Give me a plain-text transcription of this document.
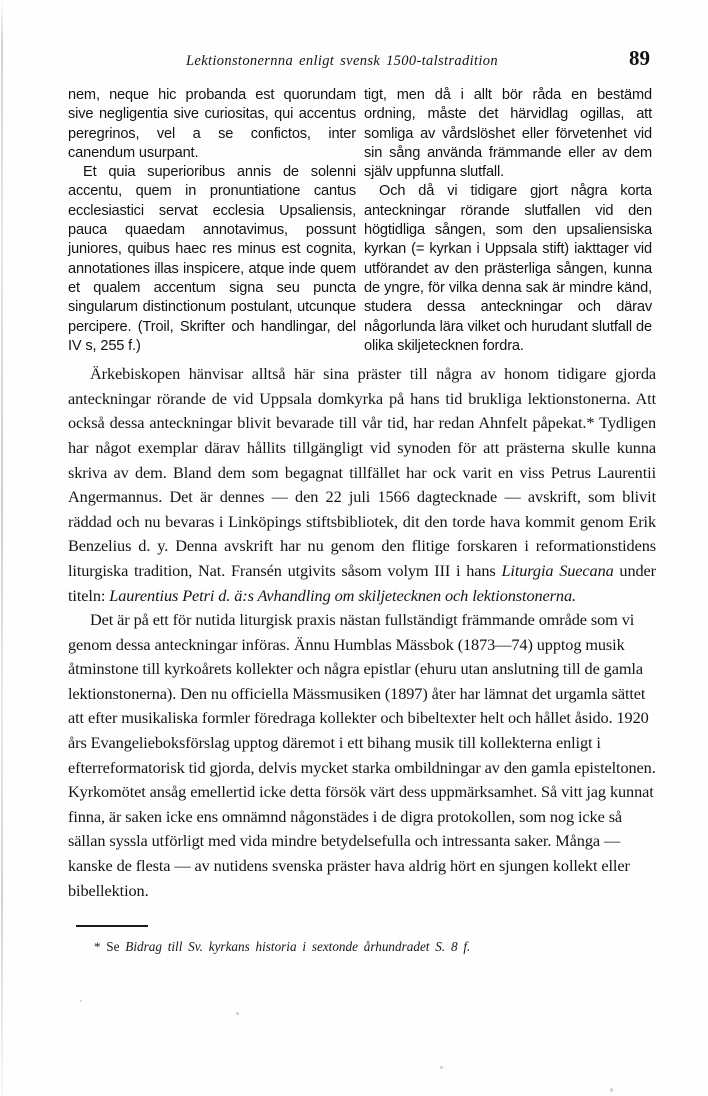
Lektionstonernna enligt svensk 1500-talstradition	89

nem, neque hic probanda est quorundam sive negligentia sive curiositas, qui accentus peregrinos, vel a se confictos, inter canendum usurpant.

Et quia superioribus annis de solenni accentu, quem in pronuntiatione cantus ecclesiastici servat ecclesia Upsaliensis, pauca quaedam annotavimus, possunt juniores, quibus haec res minus est cognita, annotationes illas inspicere, atque inde quem et qualem accentum signa seu puncta singularum distinctionum postulant, utcunque percipere. (Troil, Skrifter och handlingar, del IV s, 255 f.)

tigt, men då i allt bör råda en bestämd ordning, måste det härvidlag ogillas, att somliga av vårdslöshet eller förvetenhet vid sin sång använda främmande eller av dem själv uppfunna slutfall.

Och då vi tidigare gjort några korta anteckningar rörande slutfallen vid den högtidliga sången, som den upsaliensiska kyrkan (= kyrkan i Uppsala stift) iakttager vid utförandet av den prästerliga sången, kunna de yngre, för vilka denna sak är mindre känd, studera dessa anteckningar och därav någorlunda lära vilket och hurudant slutfall de olika skiljetecknen fordra.

Ärkebiskopen hänvisar alltså här sina präster till några av honom tidigare gjorda anteckningar rörande de vid Uppsala domkyrka på hans tid brukliga lektionstonerna. Att också dessa anteckningar blivit bevarade till vår tid, har redan Ahnfelt påpekat.* Tydligen har något exemplar därav hållits tillgängligt vid synoden för att prästerna skulle kunna skriva av dem. Bland dem som begagnat tillfället har ock varit en viss Petrus Laurentii Angermannus. Det är dennes — den 22 juli 1566 dagtecknade — avskrift, som blivit räddad och nu bevaras i Linköpings stiftsbibliotek, dit den torde hava kommit genom Erik Benzelius d. y. Denna avskrift har nu genom den flitige forskaren i reformationstidens liturgiska tradition, Nat. Fransén utgivits såsom volym III i hans Liturgia Suecana under titeln: Laurentius Petri d. ä:s Avhandling om skiljetecknen och lektionstonerna.

Det är på ett för nutida liturgisk praxis nästan fullständigt främmande område som vi genom dessa anteckningar införas. Ännu Humblas Mässbok (1873—74) upptog musik åtminstone till kyrkoårets kollekter och några epistlar (ehuru utan anslutning till de gamla lektionstonerna). Den nu officiella Mässmusiken (1897) åter har lämnat det urgamla sättet att efter musikaliska formler föredraga kollekter och bibeltexter helt och hållet åsido. 1920 års Evangelieboksförslag upptog däremot i ett bihang musik till kollekterna enligt i efterreformatorisk tid gjorda, delvis mycket starka ombildningar av den gamla episteltonen. Kyrkomötet ansåg emellertid icke detta försök värt dess uppmärksamhet. Så vitt jag kunnat finna, är saken icke ens omnämnd någonstädes i de digra protokollen, som nog icke så sällan syssla utförligt med vida mindre betydelsefulla och intressanta saker. Många — kanske de flesta — av nutidens svenska präster hava aldrig hört en sjungen kollekt eller bibellektion.

* Se Bidrag till Sv. kyrkans historia i sextonde århundradet S. 8 f.
